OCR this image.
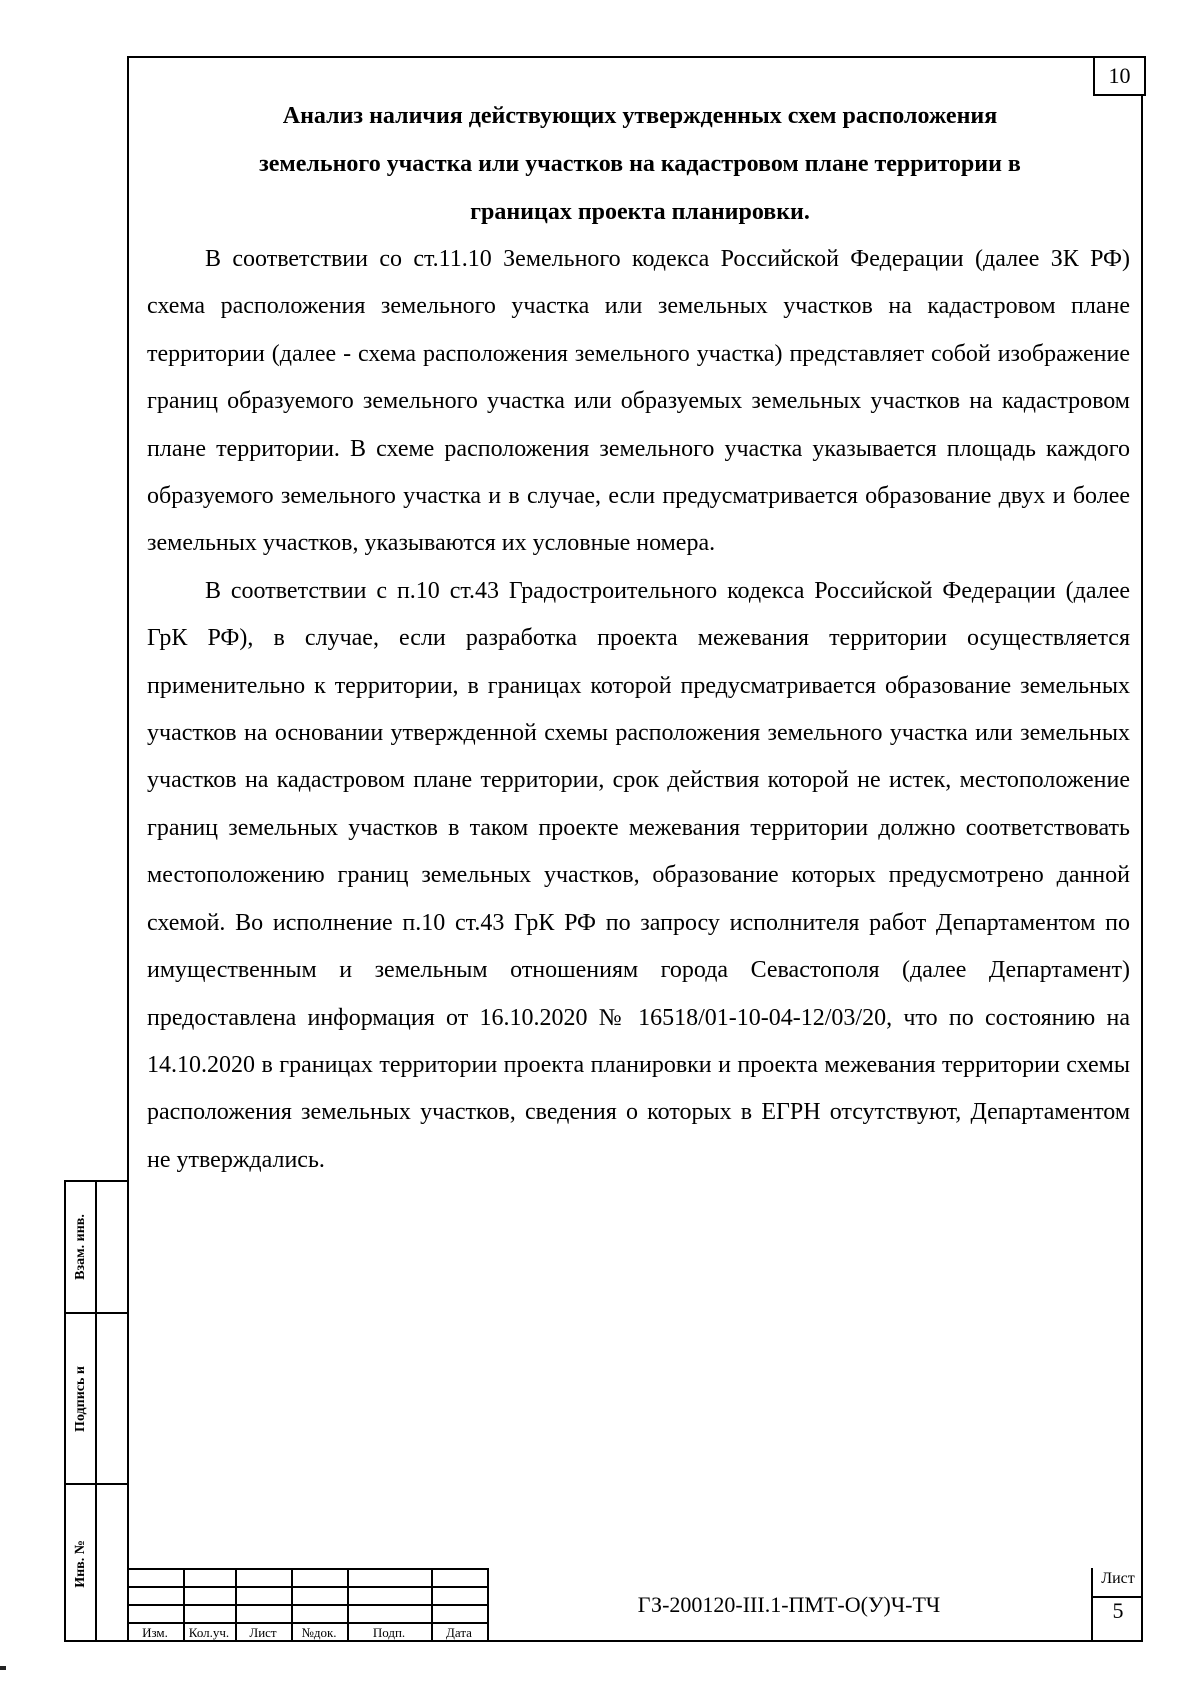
10
Анализ наличия действующих утвержденных схем расположения
земельного участка или участков на кадастровом плане территории в
границах проекта планировки.

В соответствии со ст.11.10 Земельного кодекса Российской Федерации (далее ЗК РФ) схема расположения земельного участка или земельных участков на кадастровом плане территории (далее - схема расположения земельного участка) представляет собой изображение границ образуемого земельного участка или образуемых земельных участков на кадастровом плане территории. В схеме расположения земельного участка указывается площадь каждого образуемого земельного участка и в случае, если предусматривается образование двух и более земельных участков, указываются их условные номера.

В соответствии с п.10 ст.43 Градостроительного кодекса Российской Федерации (далее ГрК РФ), в случае, если разработка проекта межевания территории осуществляется применительно к территории, в границах которой предусматривается образование земельных участков на основании утвержденной схемы расположения земельного участка или земельных участков на кадастровом плане территории, срок действия которой не истек, местоположение границ земельных участков в таком проекте межевания территории должно соответствовать местоположению границ земельных участков, образование которых предусмотрено данной схемой. Во исполнение п.10 ст.43 ГрК РФ по запросу исполнителя работ Департаментом по имущественным и земельным отношениям города Севастополя (далее Департамент) предоставлена информация от 16.10.2020 № 16518/01-10-04-12/03/20, что по состоянию на 14.10.2020 в границах территории проекта планировки и проекта межевания территории схемы расположения земельных участков, сведения о которых в ЕГРН отсутствуют, Департаментом не утверждались.

Взам. инв.
Подпись и
Инв. №
Изм.	Кол.уч.	Лист	№док.	Подп.	Дата
ГЗ-200120-III.1-ПМТ-О(У)Ч-ТЧ
Лист
5
